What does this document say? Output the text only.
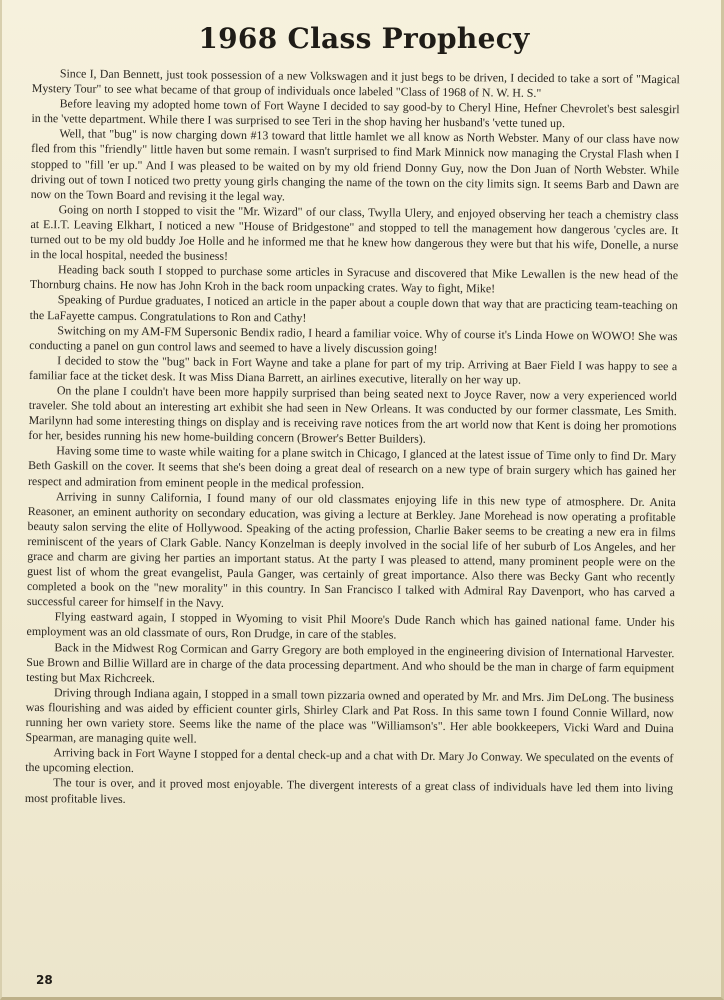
1968 Class Prophecy

Since I, Dan Bennett, just took possession of a new Volkswagen and it just begs to be driven, I decided to take a sort of "Magical Mystery Tour" to see what became of that group of individuals once labeled "Class of 1968 of N. W. H. S."

Before leaving my adopted home town of Fort Wayne I decided to say good-by to Cheryl Hine, Hefner Chevrolet's best salesgirl in the 'vette department. While there I was surprised to see Teri in the shop having her husband's 'vette tuned up.

Well, that "bug" is now charging down #13 toward that little hamlet we all know as North Webster. Many of our class have now fled from this "friendly" little haven but some remain. I wasn't surprised to find Mark Minnick now managing the Crystal Flash when I stopped to "fill 'er up." And I was pleased to be waited on by my old friend Donny Guy, now the Don Juan of North Webster. While driving out of town I noticed two pretty young girls changing the name of the town on the city limits sign. It seems Barb and Dawn are now on the Town Board and revising it the legal way.

Going on north I stopped to visit the "Mr. Wizard" of our class, Twylla Ulery, and enjoyed observing her teach a chemistry class at E.I.T. Leaving Elkhart, I noticed a new "House of Bridgestone" and stopped to tell the management how dangerous 'cycles are. It turned out to be my old buddy Joe Holle and he informed me that he knew how dangerous they were but that his wife, Donelle, a nurse in the local hospital, needed the business!

Heading back south I stopped to purchase some articles in Syracuse and discovered that Mike Lewallen is the new head of the Thornburg chains. He now has John Kroh in the back room unpacking crates. Way to fight, Mike!

Speaking of Purdue graduates, I noticed an article in the paper about a couple down that way that are practicing team-teaching on the LaFayette campus. Congratulations to Ron and Cathy!

Switching on my AM-FM Supersonic Bendix radio, I heard a familiar voice. Why of course it's Linda Howe on WOWO! She was conducting a panel on gun control laws and seemed to have a lively discussion going!

I decided to stow the "bug" back in Fort Wayne and take a plane for part of my trip. Arriving at Baer Field I was happy to see a familiar face at the ticket desk. It was Miss Diana Barrett, an airlines executive, literally on her way up.

On the plane I couldn't have been more happily surprised than being seated next to Joyce Raver, now a very experienced world traveler. She told about an interesting art exhibit she had seen in New Orleans. It was conducted by our former classmate, Les Smith. Marilynn had some interesting things on display and is receiving rave notices from the art world now that Kent is doing her promotions for her, besides running his new home-building concern (Brower's Better Builders).

Having some time to waste while waiting for a plane switch in Chicago, I glanced at the latest issue of Time only to find Dr. Mary Beth Gaskill on the cover. It seems that she's been doing a great deal of research on a new type of brain surgery which has gained her respect and admiration from eminent people in the medical profession.

Arriving in sunny California, I found many of our old classmates enjoying life in this new type of atmosphere. Dr. Anita Reasoner, an eminent authority on secondary education, was giving a lecture at Berkley. Jane Morehead is now operating a profitable beauty salon serving the elite of Hollywood. Speaking of the acting profession, Charlie Baker seems to be creating a new era in films reminiscent of the years of Clark Gable. Nancy Konzelman is deeply involved in the social life of her suburb of Los Angeles, and her grace and charm are giving her parties an important status. At the party I was pleased to attend, many prominent people were on the guest list of whom the great evangelist, Paula Ganger, was certainly of great importance. Also there was Becky Gant who recently completed a book on the "new morality" in this country. In San Francisco I talked with Admiral Ray Davenport, who has carved a successful career for himself in the Navy.

Flying eastward again, I stopped in Wyoming to visit Phil Moore's Dude Ranch which has gained national fame. Under his employment was an old classmate of ours, Ron Drudge, in care of the stables.

Back in the Midwest Rog Cormican and Garry Gregory are both employed in the engineering division of International Harvester. Sue Brown and Billie Willard are in charge of the data processing department. And who should be the man in charge of farm equipment testing but Max Richcreek.

Driving through Indiana again, I stopped in a small town pizzaria owned and operated by Mr. and Mrs. Jim DeLong. The business was flourishing and was aided by efficient counter girls, Shirley Clark and Pat Ross. In this same town I found Connie Willard, now running her own variety store. Seems like the name of the place was "Williamson's". Her able bookkeepers, Vicki Ward and Duina Spearman, are managing quite well.

Arriving back in Fort Wayne I stopped for a dental check-up and a chat with Dr. Mary Jo Conway. We speculated on the events of the upcoming election.

The tour is over, and it proved most enjoyable. The divergent interests of a great class of individuals have led them into living most profitable lives.

28
